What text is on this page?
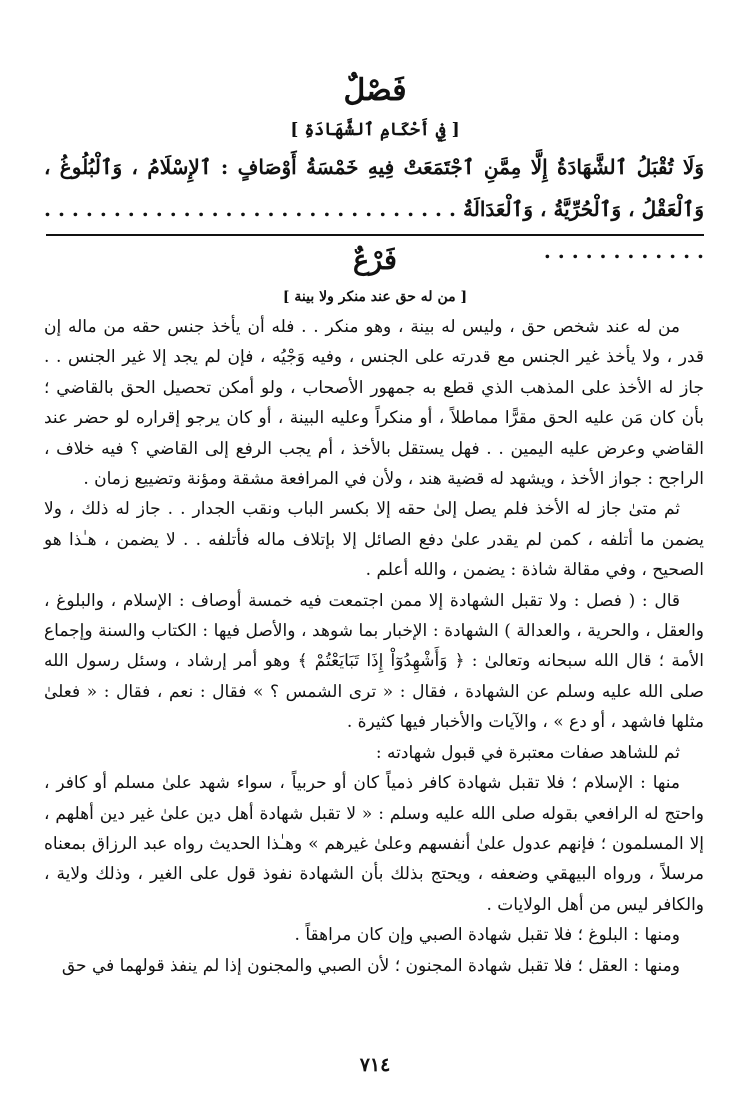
فَصْلٌ
[ فِي أَحْكَامِ ٱلشَّهَادَةِ ]
وَلَا تُقْبَلُ ٱلشَّهَادَةُ إِلَّا مِمَّنِ ٱجْتَمَعَتْ فِيهِ خَمْسَةُ أَوْصَافٍ : ٱلإِسْلَامُ ، وَٱلْبُلُوغُ ، وَٱلْعَقْلُ ، وَٱلْحُرِّيَّةُ ، وَٱلْعَدَالَةُ . . . . . . . . . . . . . . . . . . . . . . . . . . . . . . . . . . . . . . . . . .
فَرْعٌ
[ من له حق عند منكر ولا بينة ]

من له عند شخص حق ، وليس له بينة ، وهو منكر . . فله أن يأخذ جنس حقه من ماله إن قدر ، ولا يأخذ غير الجنس مع قدرته على الجنس ، وفيه وَجْيُه ، فإن لم يجد إلا غير الجنس . . جاز له الأخذ على المذهب الذي قطع به جمهور الأصحاب ، ولو أمكن تحصيل الحق بالقاضي ؛ بأن كان مَن عليه الحق مقرًّا مماطلاً ، أو منكراً وعليه البينة ، أو كان يرجو إقراره لو حضر عند القاضي وعرض عليه اليمين . . فهل يستقل بالأخذ ، أم يجب الرفع إلى القاضي ؟ فيه خلاف ، الراجح : جواز الأخذ ، ويشهد له قضية هند ، ولأن في المرافعة مشقة ومؤنة وتضييع زمان .

ثم متىٰ جاز له الأخذ فلم يصل إلىٰ حقه إلا بكسر الباب ونقب الجدار . . جاز له ذلك ، ولا يضمن ما أتلفه ، كمن لم يقدر علىٰ دفع الصائل إلا بإتلاف ماله فأتلفه . . لا يضمن ، هـٰذا هو الصحيح ، وفي مقالة شاذة : يضمن ، والله أعلم .

قال : ( فصل : ولا تقبل الشهادة إلا ممن اجتمعت فيه خمسة أوصاف : الإسلام ، والبلوغ ، والعقل ، والحرية ، والعدالة ) الشهادة : الإخبار بما شوهد ، والأصل فيها : الكتاب والسنة وإجماع الأمة ؛ قال الله سبحانه وتعالىٰ : ﴿ وَأَشْهِدُوٓاْ إِذَا تَبَايَعْتُمْ ﴾ وهو أمر إرشاد ، وسئل رسول الله صلى الله عليه وسلم عن الشهادة ، فقال : « ترى الشمس ؟ » فقال : نعم ، فقال : « فعلىٰ مثلها فاشهد ، أو دع » ، والآيات والأخبار فيها كثيرة .

ثم للشاهد صفات معتبرة في قبول شهادته :

منها : الإسلام ؛ فلا تقبل شهادة كافر ذمياً كان أو حربياً ، سواء شهد علىٰ مسلم أو كافر ، واحتج له الرافعي بقوله صلى الله عليه وسلم : « لا تقبل شهادة أهل دين علىٰ غير دين أهلهم ، إلا المسلمون ؛ فإنهم عدول علىٰ أنفسهم وعلىٰ غيرهم » وهـٰذا الحديث رواه عبد الرزاق بمعناه مرسلاً ، ورواه البيهقي وضعفه ، ويحتج بذلك بأن الشهادة نفوذ قول على الغير ، وذلك ولاية ، والكافر ليس من أهل الولايات .

ومنها : البلوغ ؛ فلا تقبل شهادة الصبي وإن كان مراهقاً .

ومنها : العقل ؛ فلا تقبل شهادة المجنون ؛ لأن الصبي والمجنون إذا لم ينفذ قولهما في حق

٧١٤
